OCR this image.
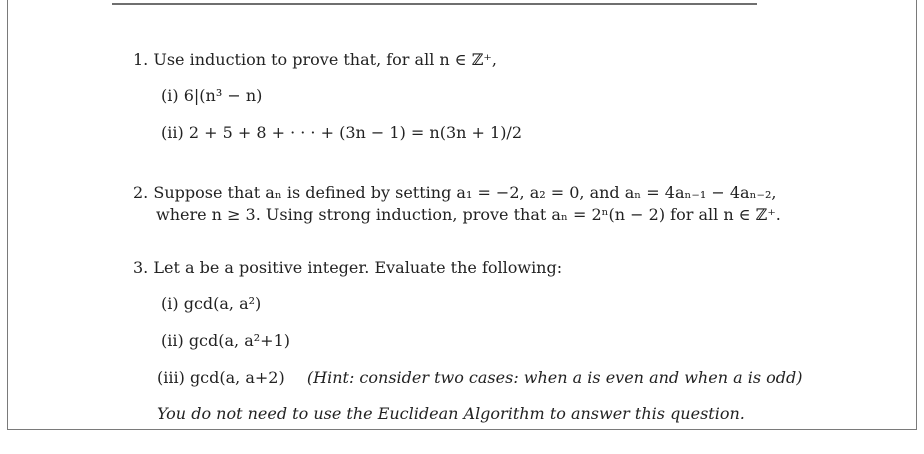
1. Use induction to prove that, for all n ∈ ℤ⁺,
(i) 6|(n³ − n)
(ii) 2 + 5 + 8 + · · · + (3n − 1) = n(3n + 1)/2
2. Suppose that aₙ is defined by setting a₁ = −2, a₂ = 0, and aₙ = 4aₙ₋₁ − 4aₙ₋₂,
where n ≥ 3. Using strong induction, prove that aₙ = 2ⁿ(n − 2) for all n ∈ ℤ⁺.
3. Let a be a positive integer. Evaluate the following:
(i) gcd(a, a²)
(ii) gcd(a, a²+1)
(iii) gcd(a, a+2) (Hint: consider two cases: when a is even and when a is odd)
You do not need to use the Euclidean Algorithm to answer this question.
